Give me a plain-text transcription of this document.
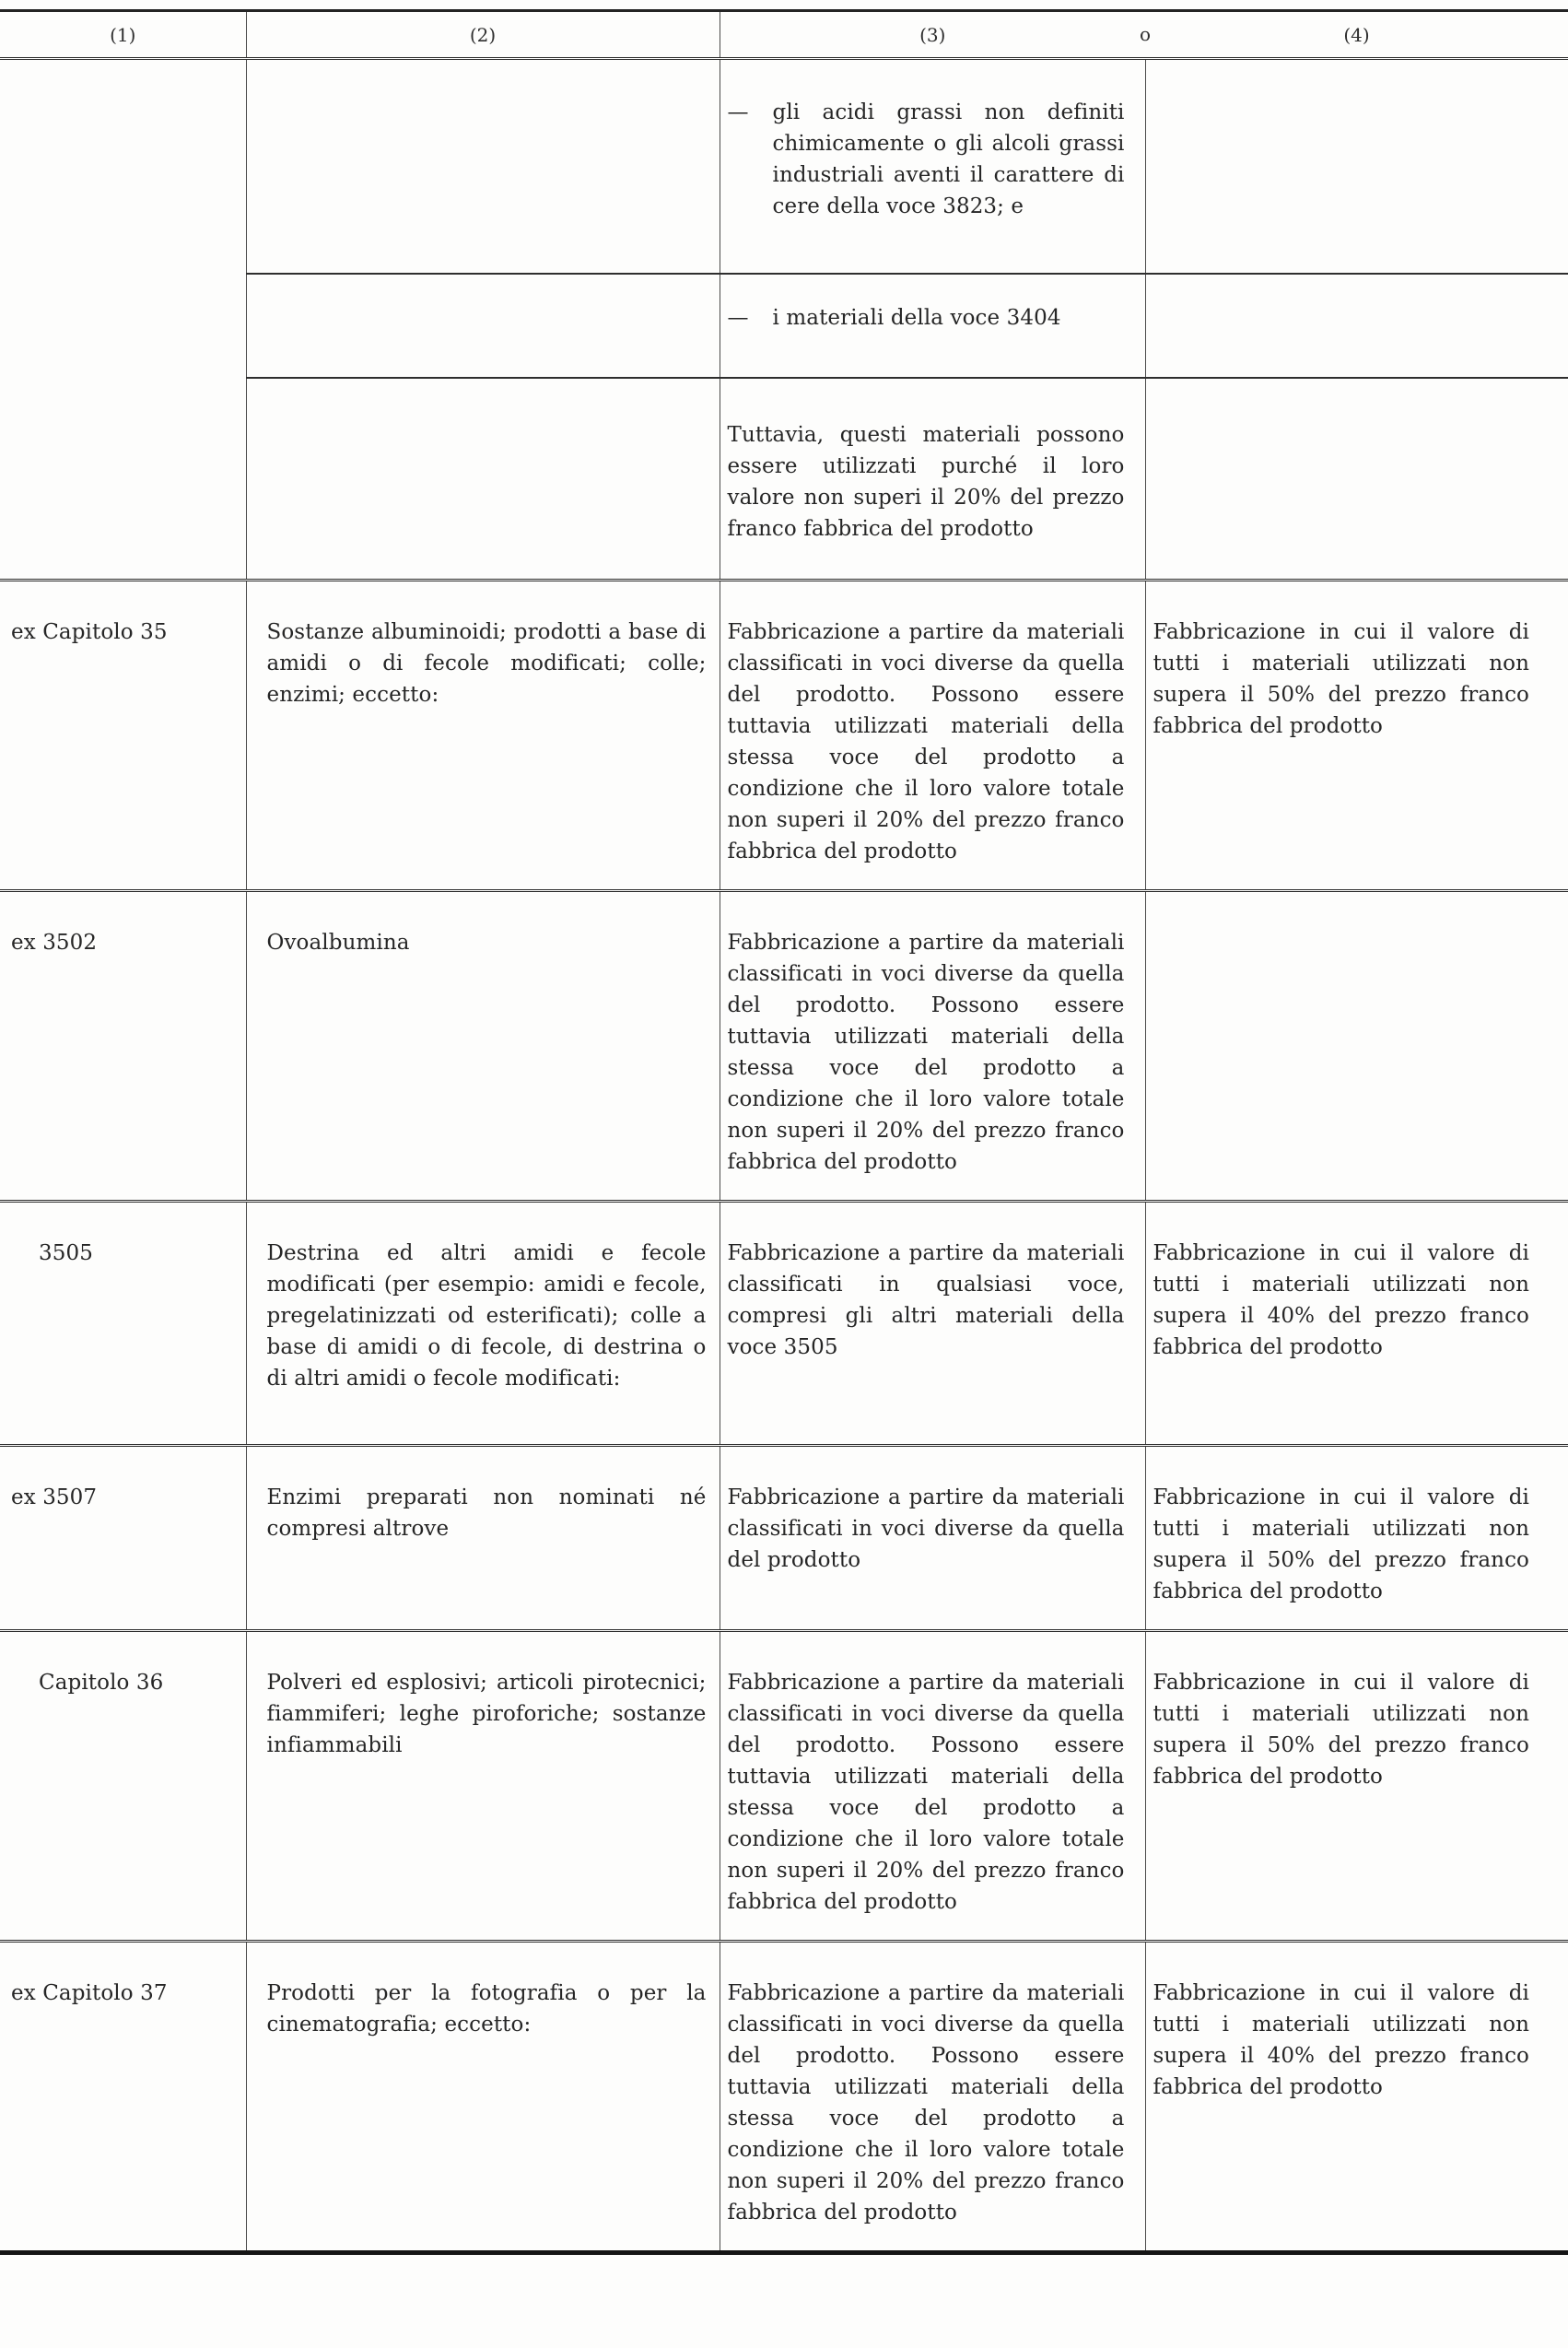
(1)	(2)	(3) o	(4)

		— gli acidi grassi non definiti chimicamente o gli alcoli grassi industriali aventi il carattere di cere della voce 3823; e	

		— i materiali della voce 3404	

		Tuttavia, questi materiali possono essere utilizzati purché il loro valore non superi il 20% del prezzo franco fabbrica del prodotto	

ex Capitolo 35	Sostanze albuminoidi; prodotti a base di amidi o di fecole modificati; colle; enzimi; eccetto:	Fabbricazione a partire da materiali classificati in voci diverse da quella del prodotto. Possono essere tuttavia utilizzati materiali della stessa voce del prodotto a condizione che il loro valore totale non superi il 20% del prezzo franco fabbrica del prodotto	Fabbricazione in cui il valore di tutti i materiali utilizzati non supera il 50% del prezzo franco fabbrica del prodotto
ex 3502	Ovoalbumina	Fabbricazione a partire da materiali classificati in voci diverse da quella del prodotto. Possono essere tuttavia utilizzati materiali della stessa voce del prodotto a condizione che il loro valore totale non superi il 20% del prezzo franco fabbrica del prodotto	
3505	Destrina ed altri amidi e fecole modificati (per esempio: amidi e fecole, pregelatinizzati od esterificati); colle a base di amidi o di fecole, di destrina o di altri amidi o fecole modificati:	Fabbricazione a partire da materiali classificati in qualsiasi voce, compresi gli altri materiali della voce 3505	Fabbricazione in cui il valore di tutti i materiali utilizzati non supera il 40% del prezzo franco fabbrica del prodotto
ex 3507	Enzimi preparati non nominati né compresi altrove	Fabbricazione a partire da materiali classificati in voci diverse da quella del prodotto	Fabbricazione in cui il valore di tutti i materiali utilizzati non supera il 50% del prezzo franco fabbrica del prodotto
Capitolo 36	Polveri ed esplosivi; articoli pirotecnici; fiammiferi; leghe piroforiche; sostanze infiammabili	Fabbricazione a partire da materiali classificati in voci diverse da quella del prodotto. Possono essere tuttavia utilizzati materiali della stessa voce del prodotto a condizione che il loro valore totale non superi il 20% del prezzo franco fabbrica del prodotto	Fabbricazione in cui il valore di tutti i materiali utilizzati non supera il 50% del prezzo franco fabbrica del prodotto
ex Capitolo 37	Prodotti per la fotografia o per la cinematografia; eccetto:	Fabbricazione a partire da materiali classificati in voci diverse da quella del prodotto. Possono essere tuttavia utilizzati materiali della stessa voce del prodotto a condizione che il loro valore totale non superi il 20% del prezzo franco fabbrica del prodotto	Fabbricazione in cui il valore di tutti i materiali utilizzati non supera il 40% del prezzo franco fabbrica del prodotto
